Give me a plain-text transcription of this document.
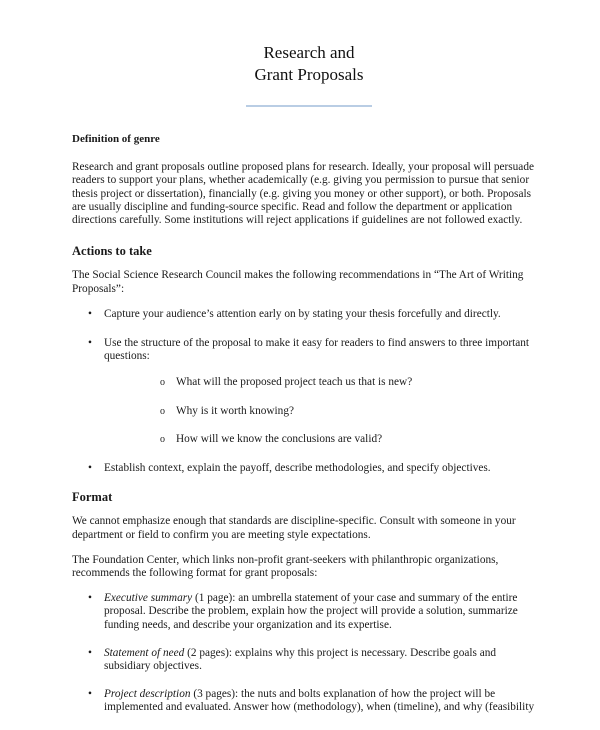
Research and
Grant Proposals
Definition of genre

Research and grant proposals outline proposed plans for research. Ideally, your proposal will persuade readers to support your plans, whether academically (e.g. giving you permission to pursue that senior thesis project or dissertation), financially (e.g. giving you money or other support), or both. Proposals are usually discipline and funding-source specific. Read and follow the department or application directions carefully. Some institutions will reject applications if guidelines are not followed exactly.

Actions to take

The Social Science Research Council makes the following recommendations in “The Art of Writing Proposals”:

• Capture your audience’s attention early on by stating your thesis forcefully and directly.
• Use the structure of the proposal to make it easy for readers to find answers to three important questions:
o What will the proposed project teach us that is new?
o Why is it worth knowing?
o How will we know the conclusions are valid?
• Establish context, explain the payoff, describe methodologies, and specify objectives.
Format

We cannot emphasize enough that standards are discipline-specific. Consult with someone in your department or field to confirm you are meeting style expectations.

The Foundation Center, which links non-profit grant-seekers with philanthropic organizations, recommends the following format for grant proposals:

• Executive summary (1 page): an umbrella statement of your case and summary of the entire proposal. Describe the problem, explain how the project will provide a solution, summarize funding needs, and describe your organization and its expertise.
• Statement of need (2 pages): explains why this project is necessary. Describe goals and subsidiary objectives.
• Project description (3 pages): the nuts and bolts explanation of how the project will be implemented and evaluated. Answer how (methodology), when (timeline), and why (feasibility
